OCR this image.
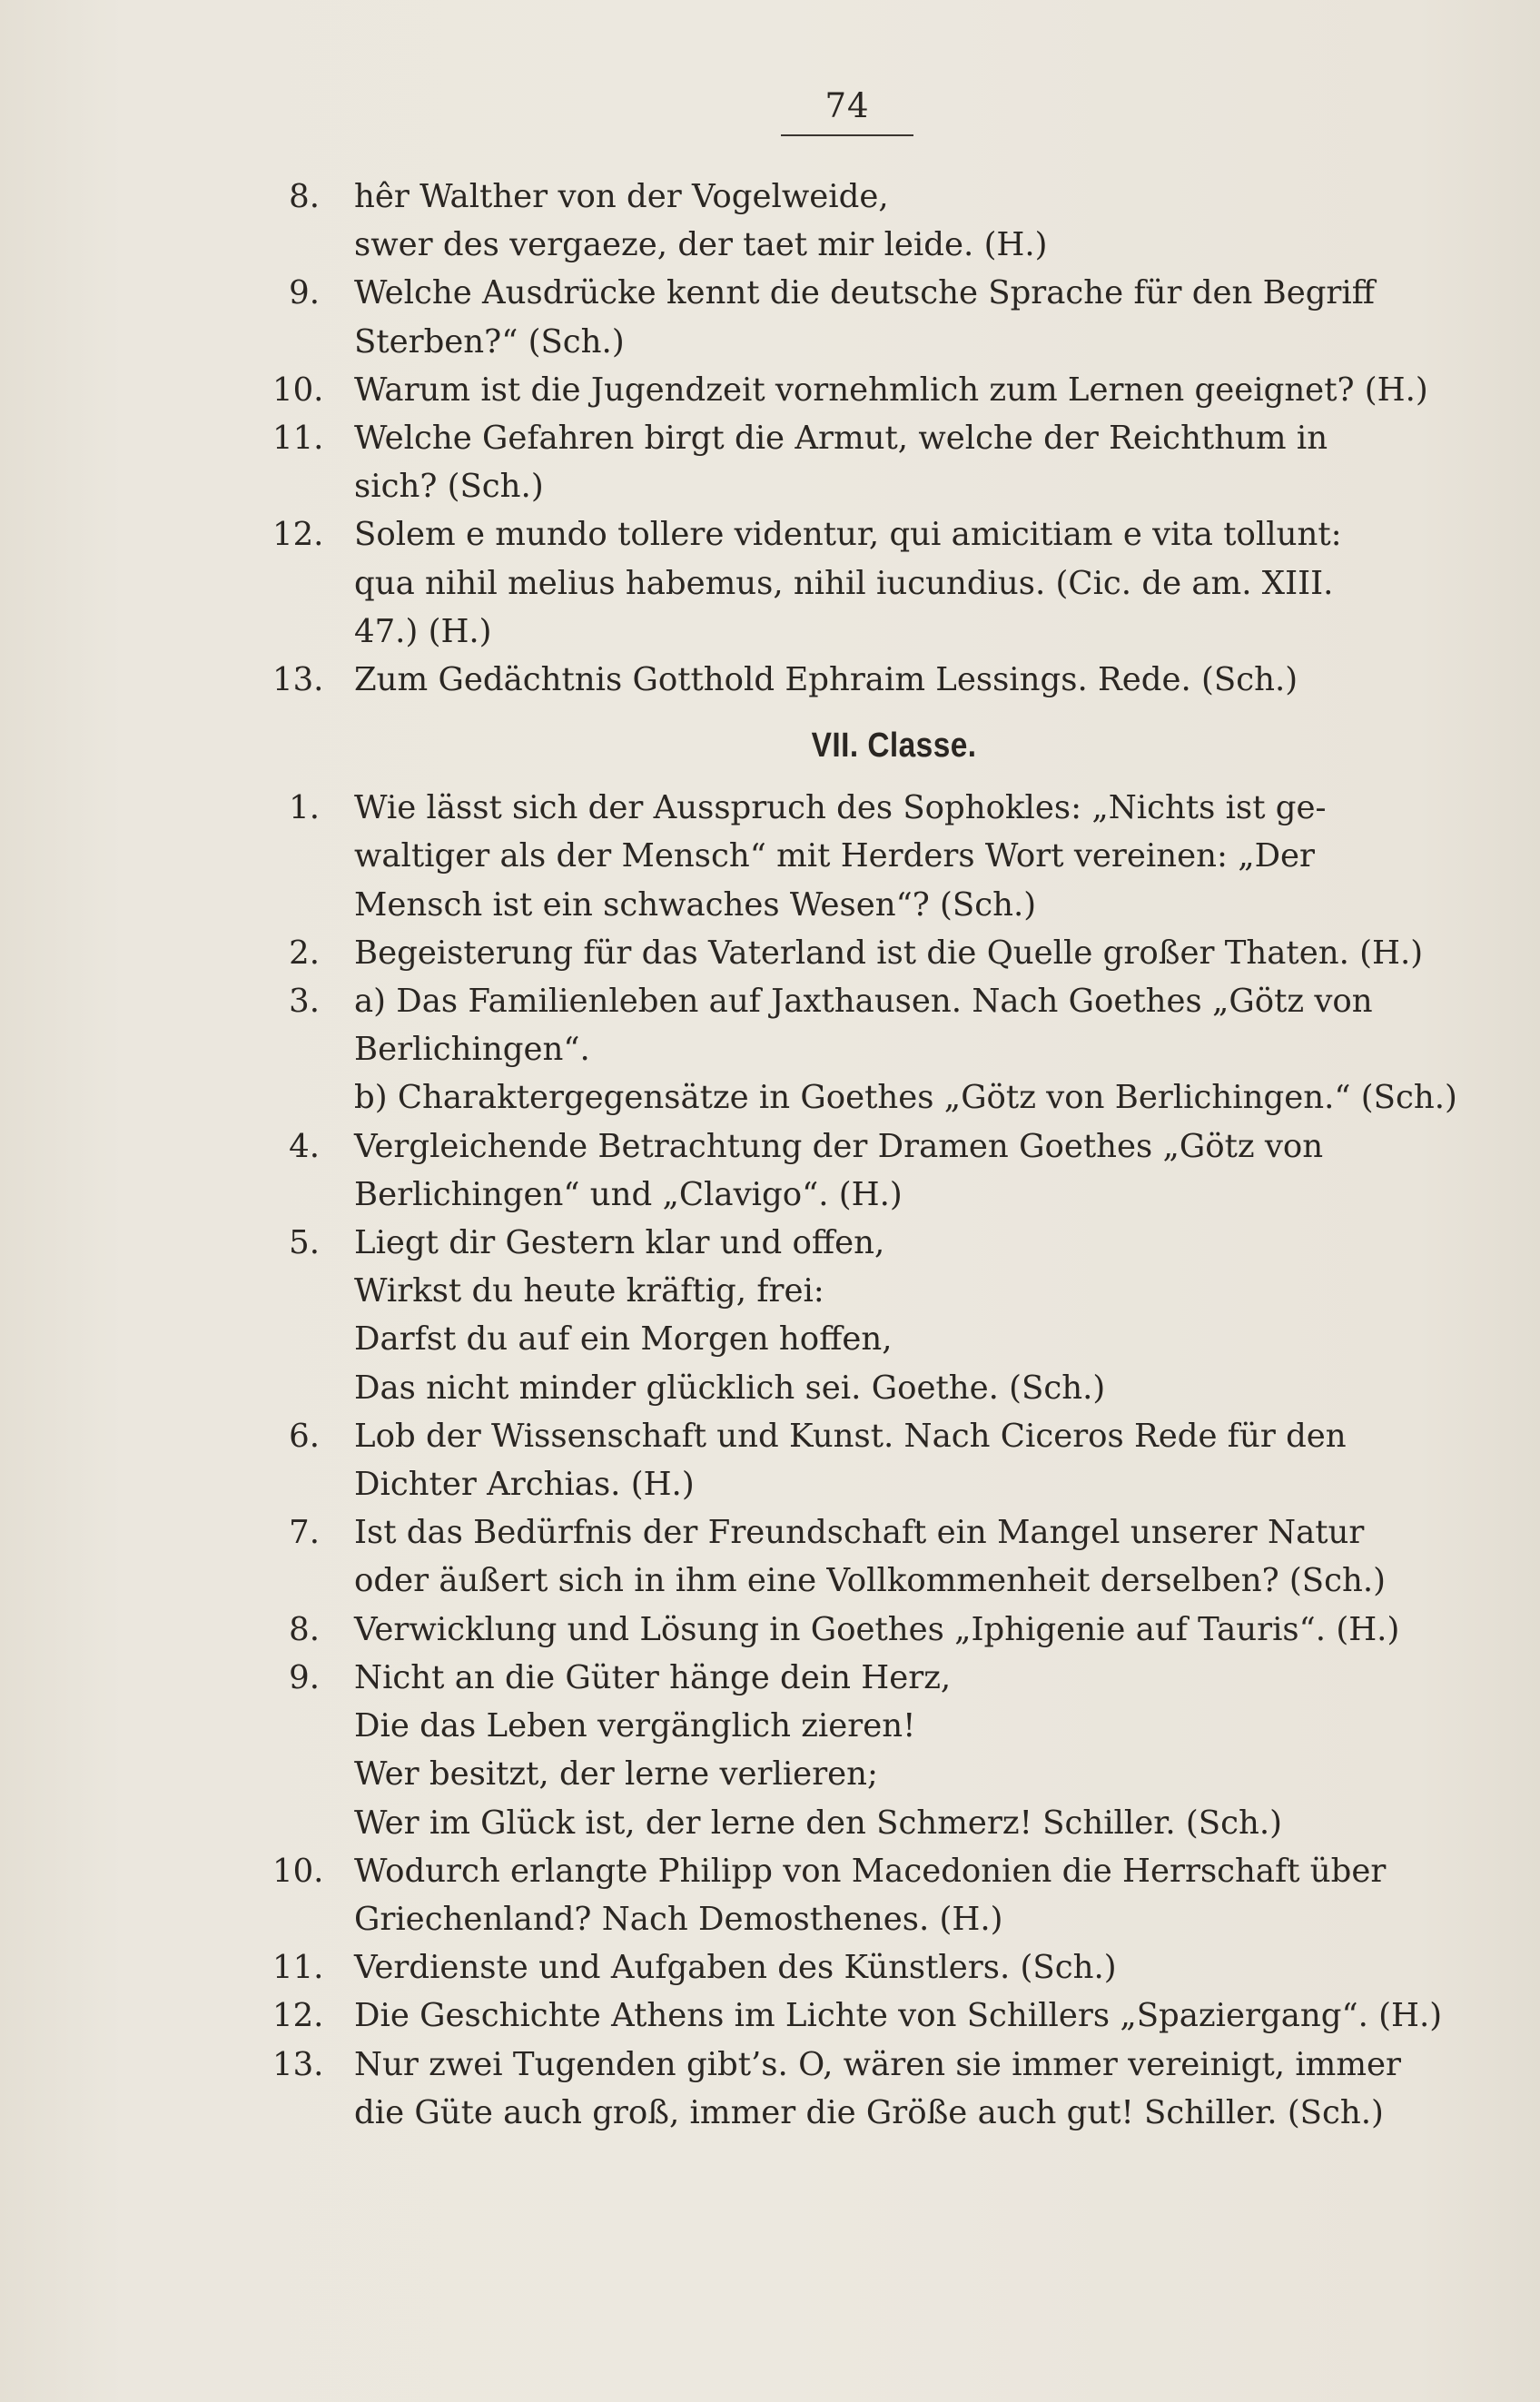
74
8. hêr Walther von der Vogelweide,
swer des vergaeze, der taet mir leide. (H.)
9. Welche Ausdrücke kennt die deutsche Sprache für den Begriff
Sterben?“ (Sch.)
10. Warum ist die Jugendzeit vornehmlich zum Lernen geeignet? (H.)
11. Welche Gefahren birgt die Armut, welche der Reichthum in
sich? (Sch.)
12. Solem e mundo tollere videntur, qui amicitiam e vita tollunt:
qua nihil melius habemus, nihil iucundius. (Cic. de am. XIII.
47.) (H.)
13. Zum Gedächtnis Gotthold Ephraim Lessings. Rede. (Sch.)
VII. Classe.
1. Wie lässt sich der Ausspruch des Sophokles: „Nichts ist ge-
waltiger als der Mensch“ mit Herders Wort vereinen: „Der
Mensch ist ein schwaches Wesen“? (Sch.)
2. Begeisterung für das Vaterland ist die Quelle großer Thaten. (H.)
3. a) Das Familienleben auf Jaxthausen. Nach Goethes „Götz von
Berlichingen“.
b) Charaktergegensätze in Goethes „Götz von Berlichingen.“ (Sch.)
4. Vergleichende Betrachtung der Dramen Goethes „Götz von
Berlichingen“ und „Clavigo“. (H.)
5. Liegt dir Gestern klar und offen,
Wirkst du heute kräftig, frei:
Darfst du auf ein Morgen hoffen,
Das nicht minder glücklich sei. Goethe. (Sch.)
6. Lob der Wissenschaft und Kunst. Nach Ciceros Rede für den
Dichter Archias. (H.)
7. Ist das Bedürfnis der Freundschaft ein Mangel unserer Natur
oder äußert sich in ihm eine Vollkommenheit derselben? (Sch.)
8. Verwicklung und Lösung in Goethes „Iphigenie auf Tauris“. (H.)
9. Nicht an die Güter hänge dein Herz,
Die das Leben vergänglich zieren!
Wer besitzt, der lerne verlieren;
Wer im Glück ist, der lerne den Schmerz! Schiller. (Sch.)
10. Wodurch erlangte Philipp von Macedonien die Herrschaft über
Griechenland? Nach Demosthenes. (H.)
11. Verdienste und Aufgaben des Künstlers. (Sch.)
12. Die Geschichte Athens im Lichte von Schillers „Spaziergang“. (H.)
13. Nur zwei Tugenden gibt’s. O, wären sie immer vereinigt, immer
die Güte auch groß, immer die Größe auch gut! Schiller. (Sch.)
